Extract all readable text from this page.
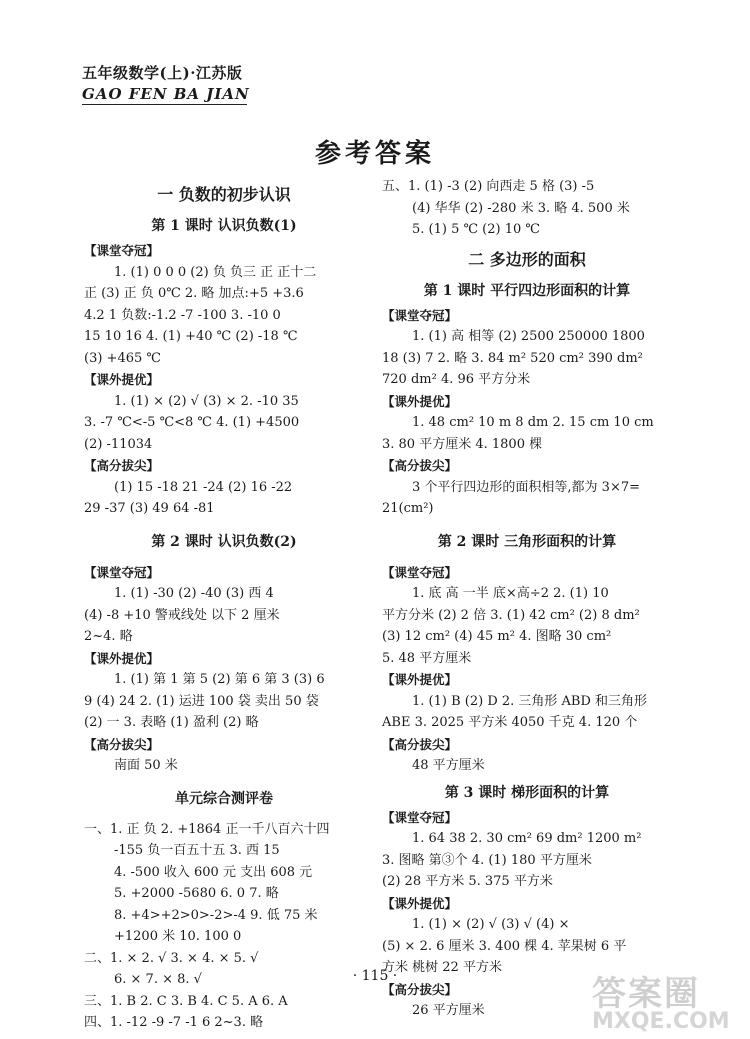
五年级数学(上)·江苏版
GAO FEN BA JIAN
参考答案
一 负数的初步认识
第 1 课时 认识负数(1)
【课堂夺冠】
1. (1) 0 0 0 (2) 负 负三 正 正十二
正 (3) 正 负 0℃ 2. 略 加点:+5 +3.6
4.2 1 负数:-1.2 -7 -100 3. -10 0
15 10 16 4. (1) +40 ℃ (2) -18 ℃
(3) +465 ℃
【课外提优】
1. (1) × (2) √ (3) × 2. -10 35
3. -7 ℃<-5 ℃<8 ℃ 4. (1) +4500
(2) -11034
【高分拔尖】
(1) 15 -18 21 -24 (2) 16 -22
29 -37 (3) 49 64 -81
第 2 课时 认识负数(2)
【课堂夺冠】
1. (1) -30 (2) -40 (3) 西 4
(4) -8 +10 警戒线处 以下 2 厘米
2~4. 略
【课外提优】
1. (1) 第 1 第 5 (2) 第 6 第 3 (3) 6
9 (4) 24 2. (1) 运进 100 袋 卖出 50 袋
(2) 一 3. 表略 (1) 盈利 (2) 略
【高分拔尖】
南面 50 米
单元综合测评卷
一、1. 正 负 2. +1864 正一千八百六十四
-155 负一百五十五 3. 西 15
4. -500 收入 600 元 支出 608 元
5. +2000 -5680 6. 0 7. 略
8. +4>+2>0>-2>-4 9. 低 75 米
+1200 米 10. 100 0
二、1. × 2. √ 3. × 4. × 5. √
6. × 7. × 8. √
三、1. B 2. C 3. B 4. C 5. A 6. A
四、1. -12 -9 -7 -1 6 2~3. 略
五、1. (1) -3 (2) 向西走 5 格 (3) -5
(4) 华华 (2) -280 米 3. 略 4. 500 米
5. (1) 5 ℃ (2) 10 ℃
二 多边形的面积
第 1 课时 平行四边形面积的计算
【课堂夺冠】
1. (1) 高 相等 (2) 2500 250000 1800
18 (3) 7 2. 略 3. 84 m² 520 cm² 390 dm²
720 dm² 4. 96 平方分米
【课外提优】
1. 48 cm² 10 m 8 dm 2. 15 cm 10 cm
3. 80 平方厘米 4. 1800 棵
【高分拔尖】
3 个平行四边形的面积相等,都为 3×7=
21(cm²)
第 2 课时 三角形面积的计算
【课堂夺冠】
1. 底 高 一半 底×高÷2 2. (1) 10
平方分米 (2) 2 倍 3. (1) 42 cm² (2) 8 dm²
(3) 12 cm² (4) 45 m² 4. 图略 30 cm²
5. 48 平方厘米
【课外提优】
1. (1) B (2) D 2. 三角形 ABD 和三角形
ABE 3. 2025 平方米 4050 千克 4. 120 个
【高分拔尖】
48 平方厘米
第 3 课时 梯形面积的计算
【课堂夺冠】
1. 64 38 2. 30 cm² 69 dm² 1200 m²
3. 图略 第③个 4. (1) 180 平方厘米
(2) 28 平方米 5. 375 平方米
【课外提优】
1. (1) × (2) √ (3) √ (4) ×
(5) × 2. 6 厘米 3. 400 棵 4. 苹果树 6 平
方米 桃树 22 平方米
【高分拔尖】
26 平方厘米
· 115 ·	答案圈
MXQE.COM
